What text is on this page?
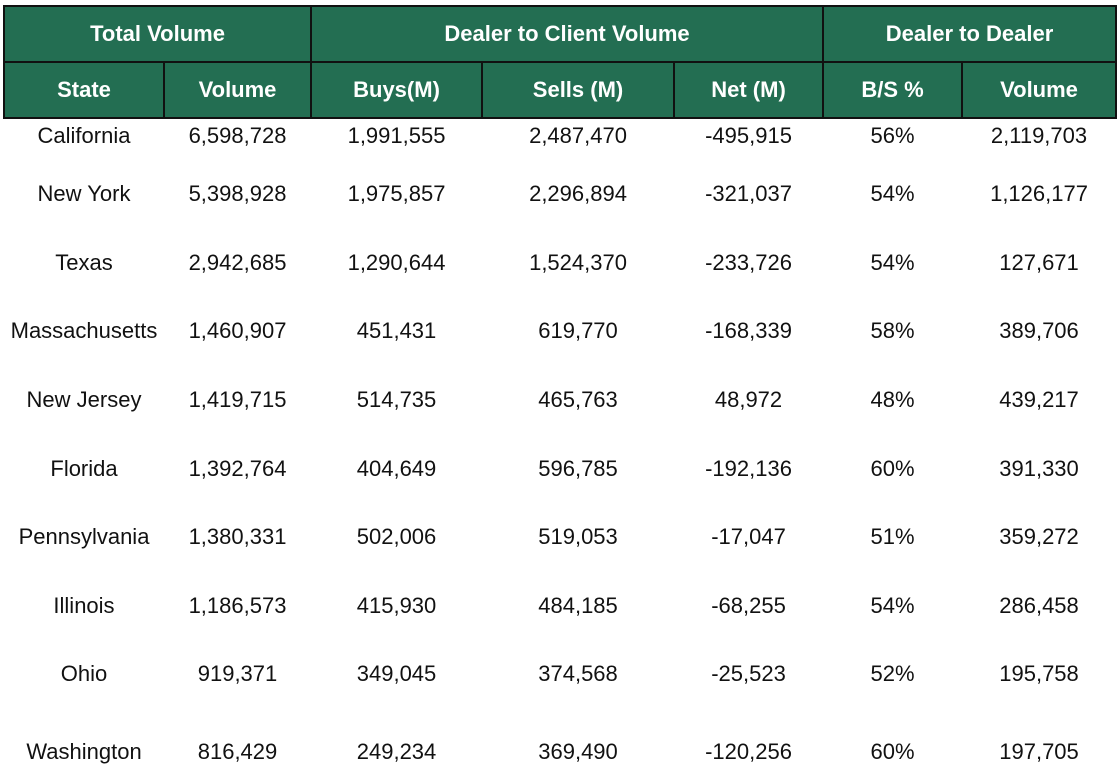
Total Volume		Dealer to Client Volume			Dealer to Dealer	
State	Volume	Buys(M)	Sells (M)	Net (M)	B/S %	Volume
California	6,598,728	1,991,555	2,487,470	-495,915	56%	2,119,703
New York	5,398,928	1,975,857	2,296,894	-321,037	54%	1,126,177
Texas	2,942,685	1,290,644	1,524,370	-233,726	54%	127,671
Massachusetts	1,460,907	451,431	619,770	-168,339	58%	389,706
New Jersey	1,419,715	514,735	465,763	48,972	48%	439,217
Florida	1,392,764	404,649	596,785	-192,136	60%	391,330
Pennsylvania	1,380,331	502,006	519,053	-17,047	51%	359,272
Illinois	1,186,573	415,930	484,185	-68,255	54%	286,458
Ohio	919,371	349,045	374,568	-25,523	52%	195,758
Washington	816,429	249,234	369,490	-120,256	60%	197,705
